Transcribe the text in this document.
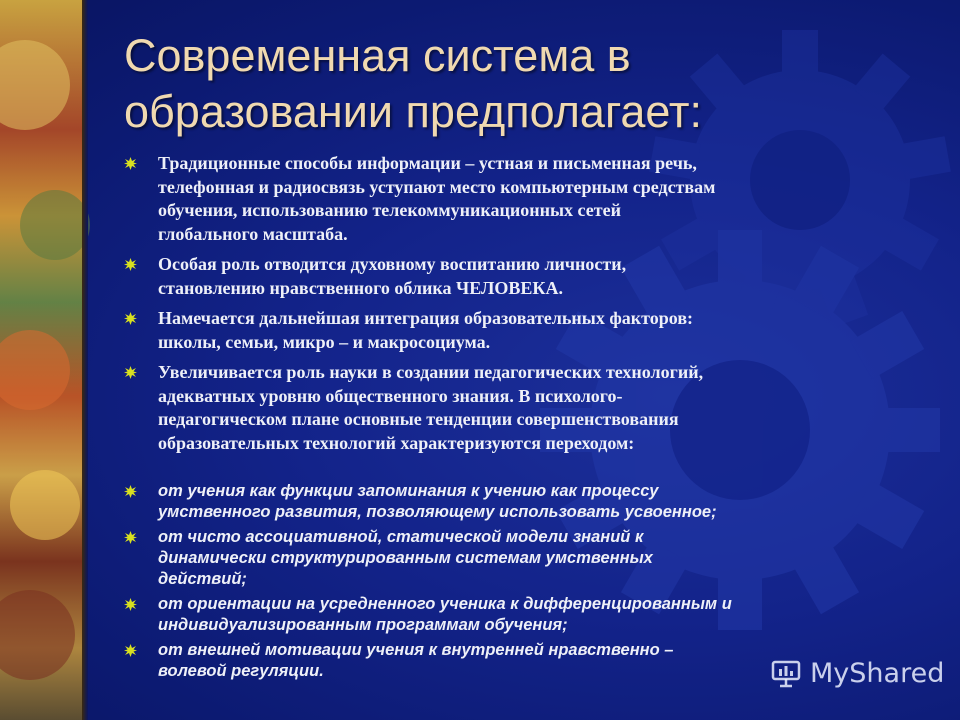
Современная система в
образовании предполагает:
Традиционные способы информации – устная и письменная речь,
телефонная и радиосвязь уступают место компьютерным средствам
обучения, использованию телекоммуникационных сетей
глобального масштаба.
Особая роль отводится духовному воспитанию личности,
становлению нравственного облика ЧЕЛОВЕКА.
Намечается дальнейшая интеграция образовательных факторов:
школы, семьи, микро – и макросоциума.
Увеличивается роль науки в создании педагогических технологий,
адекватных уровню общественного знания. В психолого-
педагогическом плане основные тенденции совершенствования
образовательных технологий характеризуются переходом:
от учения как функции запоминания к учению как процессу
умственного развития, позволяющему использовать усвоенное;
от чисто ассоциативной, статической модели знаний к
динамически структурированным системам умственных
действий;
от ориентации на усредненного ученика к дифференцированным и
индивидуализированным программам обучения;
от внешней мотивации учения к внутренней нравственно –
волевой регуляции.	MyShared
